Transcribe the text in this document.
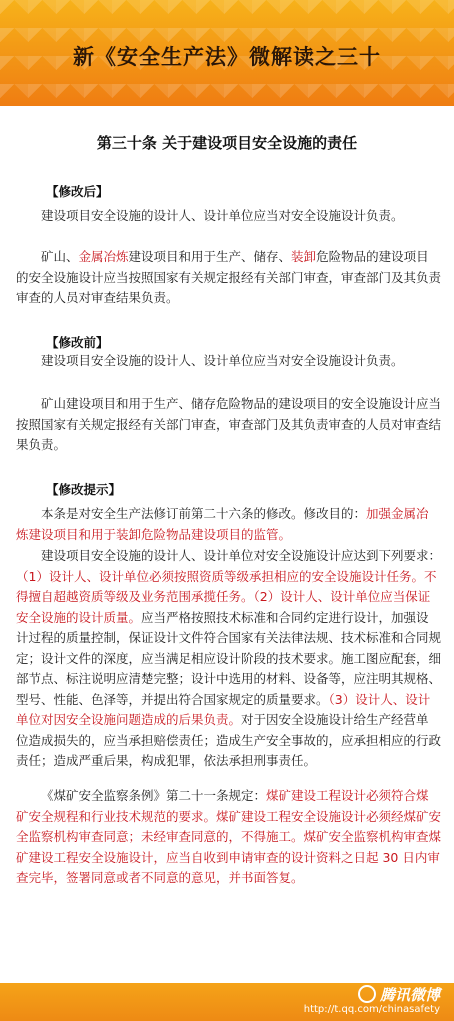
新《安全生产法》微解读之三十
第三十条 关于建设项目安全设施的责任
【修改后】
建设项目安全设施的设计人、设计单位应当对安全设施设计负责。
矿山、金属冶炼建设项目和用于生产、储存、装卸危险物品的建设项目的安全设施设计应当按照国家有关规定报经有关部门审查，审查部门及其负责审查的人员对审查结果负责。
【修改前】
建设项目安全设施的设计人、设计单位应当对安全设施设计负责。
矿山建设项目和用于生产、储存危险物品的建设项目的安全设施设计应当按照国家有关规定报经有关部门审查，审查部门及其负责审查的人员对审查结果负责。
【修改提示】
本条是对安全生产法修订前第二十六条的修改。修改目的：加强金属冶炼建设项目和用于装卸危险物品建设项目的监管。
建设项目安全设施的设计人、设计单位对安全设施设计应达到下列要求：（1）设计人、设计单位必须按照资质等级承担相应的安全设施设计任务。不得擅自超越资质等级及业务范围承揽任务。（2）设计人、设计单位应当保证安全设施的设计质量。应当严格按照技术标准和合同约定进行设计，加强设计过程的质量控制，保证设计文件符合国家有关法律法规、技术标准和合同规定；设计文件的深度，应当满足相应设计阶段的技术要求。施工图应配套，细部节点、标注说明应清楚完整；设计中选用的材料、设备等，应注明其规格、型号、性能、色泽等，并提出符合国家规定的质量要求。（3）设计人、设计单位对因安全设施问题造成的后果负责。对于因安全设施设计给生产经营单位造成损失的，应当承担赔偿责任；造成生产安全事故的，应承担相应的行政责任；造成严重后果，构成犯罪，依法承担刑事责任。
《煤矿安全监察条例》第二十一条规定：煤矿建设工程设计必须符合煤矿安全规程和行业技术规范的要求。煤矿建设工程安全设施设计必须经煤矿安全监察机构审查同意；未经审查同意的，不得施工。煤矿安全监察机构审查煤矿建设工程安全设施设计，应当自收到申请审查的设计资料之日起 30 日内审查完毕，签署同意或者不同意的意见，并书面答复。
腾讯微博
http://t.qq.com/chinasafety
